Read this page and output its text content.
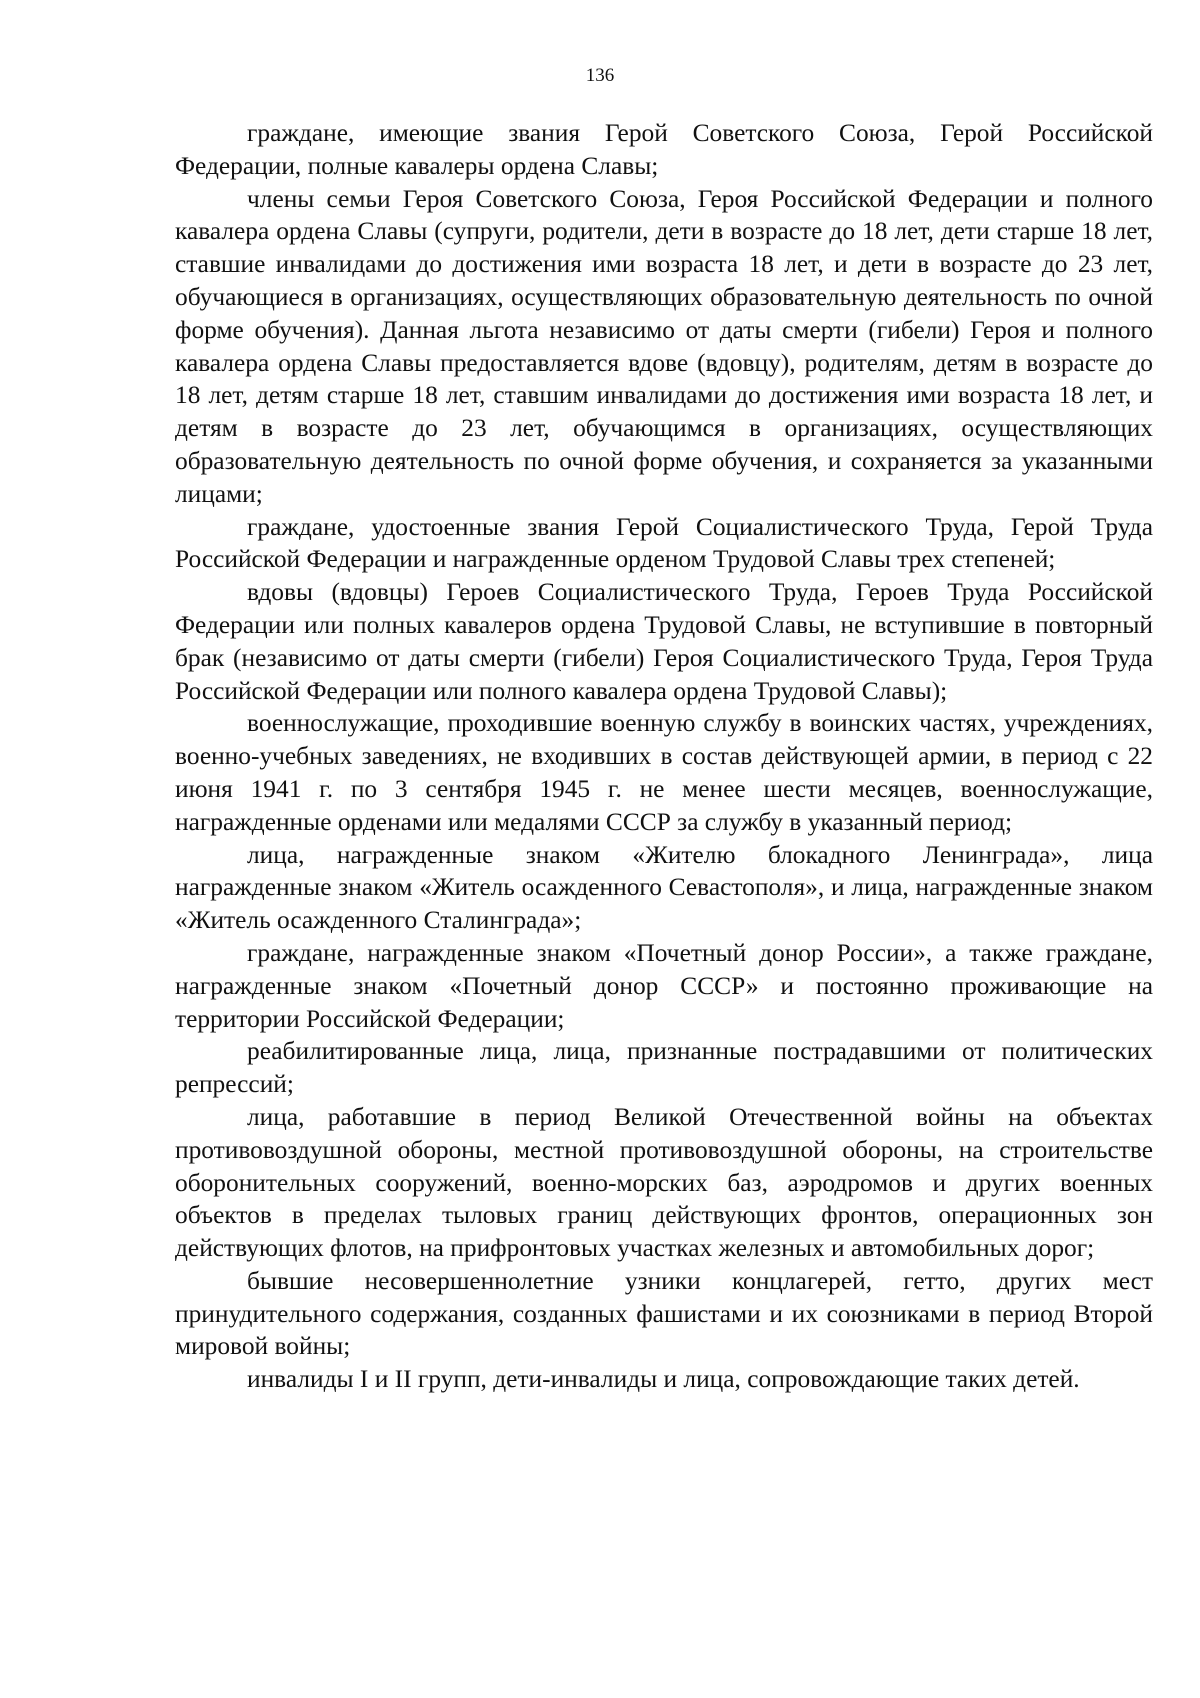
136

граждане, имеющие звания Герой Советского Союза, Герой Российской Федерации, полные кавалеры ордена Славы;

члены семьи Героя Советского Союза, Героя Российской Федерации и полного кавалера ордена Славы (супруги, родители, дети в возрасте до 18 лет, дети старше 18 лет, ставшие инвалидами до достижения ими возраста 18 лет, и дети в возрасте до 23 лет, обучающиеся в организациях, осуществляющих образовательную деятельность по очной форме обучения). Данная льгота независимо от даты смерти (гибели) Героя и полного кавалера ордена Славы предоставляется вдове (вдовцу), родителям, детям в возрасте до 18 лет, детям старше 18 лет, ставшим инвалидами до достижения ими возраста 18 лет, и детям в возрасте до 23 лет, обучающимся в организациях, осуществляющих образовательную деятельность по очной форме обучения, и сохраняется за указанными лицами;

граждане, удостоенные звания Герой Социалистического Труда, Герой Труда Российской Федерации и награжденные орденом Трудовой Славы трех степеней;

вдовы (вдовцы) Героев Социалистического Труда, Героев Труда Российской Федерации или полных кавалеров ордена Трудовой Славы, не вступившие в повторный брак (независимо от даты смерти (гибели) Героя Социалистического Труда, Героя Труда Российской Федерации или полного кавалера ордена Трудовой Славы);

военнослужащие, проходившие военную службу в воинских частях, учреждениях, военно-учебных заведениях, не входивших в состав действующей армии, в период с 22 июня 1941 г. по 3 сентября 1945 г. не менее шести месяцев, военнослужащие, награжденные орденами или медалями СССР за службу в указанный период;

лица, награжденные знаком «Жителю блокадного Ленинграда», лица награжденные знаком «Житель осажденного Севастополя», и лица, награжденные знаком «Житель осажденного Сталинграда»;

граждане, награжденные знаком «Почетный донор России», а также граждане, награжденные знаком «Почетный донор СССР» и постоянно проживающие на территории Российской Федерации;

реабилитированные лица, лица, признанные пострадавшими от политических репрессий;

лица, работавшие в период Великой Отечественной войны на объектах противовоздушной обороны, местной противовоздушной обороны, на строительстве оборонительных сооружений, военно-морских баз, аэродромов и других военных объектов в пределах тыловых границ действующих фронтов, операционных зон действующих флотов, на прифронтовых участках железных и автомобильных дорог;

бывшие несовершеннолетние узники концлагерей, гетто, других мест принудительного содержания, созданных фашистами и их союзниками в период Второй мировой войны;

инвалиды I и II групп, дети-инвалиды и лица, сопровождающие таких детей.
